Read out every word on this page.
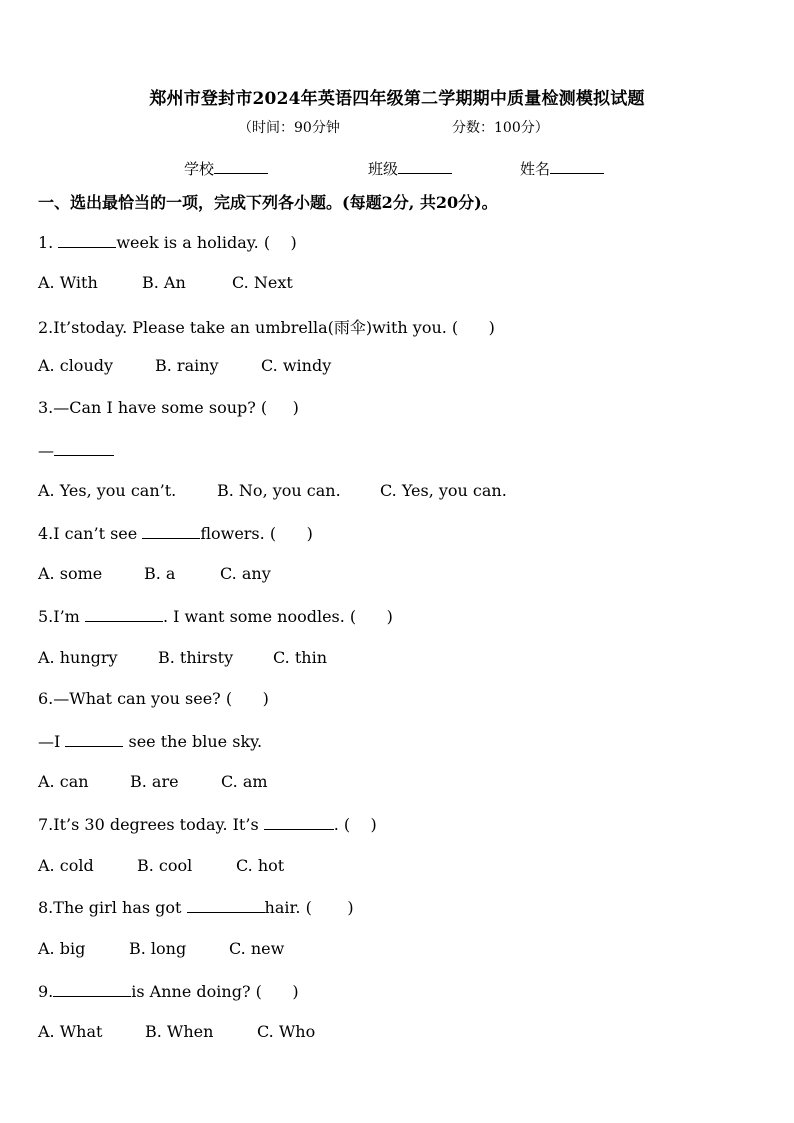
郑州市登封市2024年英语四年级第二学期期中质量检测模拟试题
（时间：90分钟	分数：100分）
学校	班级	姓名
一、选出最恰当的一项，完成下列各小题。(每题2分, 共20分)。
1.	week is a holiday. (    )
A. With	B. An	C. Next
2.It’stoday. Please take an umbrella(雨伞)with you. (      )
A. cloudy	B. rainy	C. windy
3.—Can I have some soup? (     )
—
A. Yes, you can’t.	B. No, you can. C. Yes, you can.
4.I can’t see	flowers. (      )
A. some	B. a	C. any
5.I’m	. I want some noodles. (      )
A. hungry	B. thirsty C. thin
6.—What can you see? (      )
—I	see the blue sky.
A. can	B. are	C. am
7.It’s 30 degrees today. It’s	. (    )
A. cold	B. cool	C. hot
8.The girl has got	hair. (       )
A. big	B. long	C. new
9.	is Anne doing? (      )
A. What	B. When	C. Who
